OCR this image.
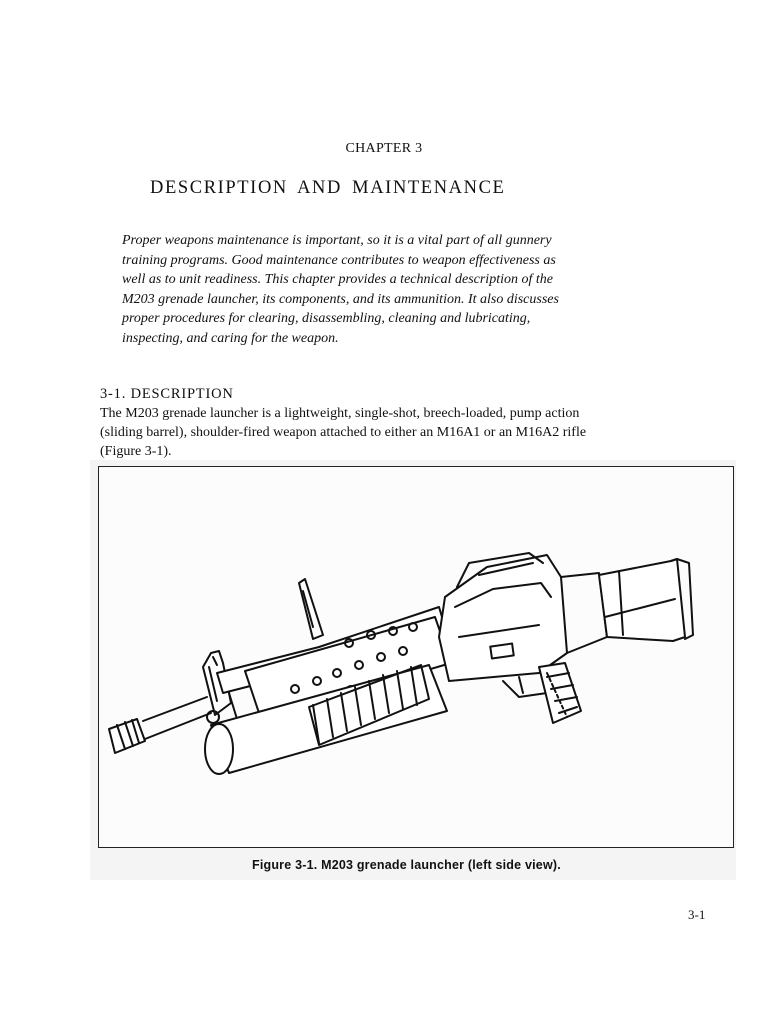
CHAPTER 3
DESCRIPTION AND MAINTENANCE

Proper weapons maintenance is important, so it is a vital part of all gunnery training programs. Good maintenance contributes to weapon effectiveness as well as to unit readiness. This chapter provides a technical description of the M203 grenade launcher, its components, and its ammunition. It also discusses proper procedures for clearing, disassembling, cleaning and lubricating, inspecting, and caring for the weapon.

3-1. DESCRIPTION

The M203 grenade launcher is a lightweight, single-shot, breech-loaded, pump action (sliding barrel), shoulder-fired weapon attached to either an M16A1 or an M16A2 rifle (Figure 3-1).

Figure 3-1. M203 grenade launcher (left side view).
3-1
